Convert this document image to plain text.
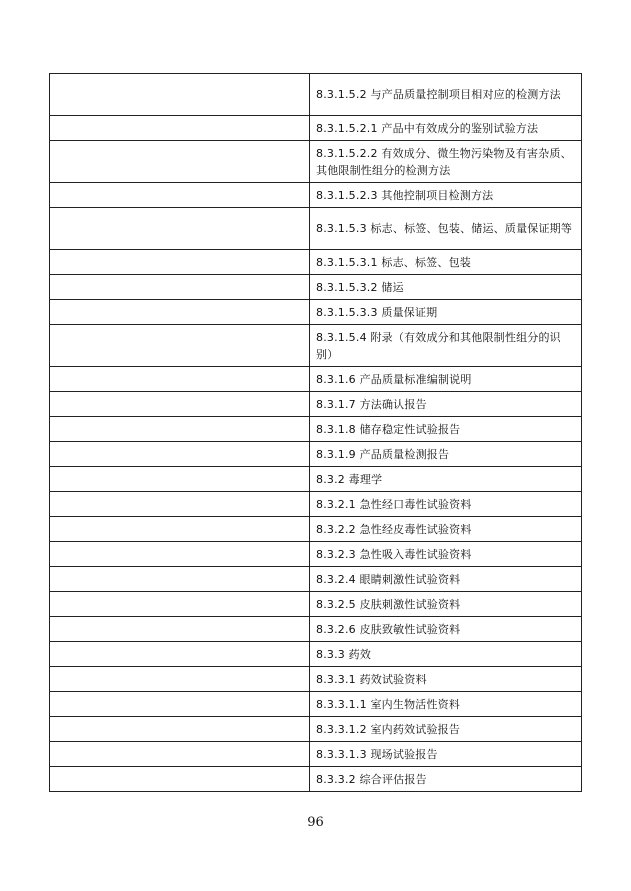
	8.3.1.5.2 与产品质量控制项目相对应的检测方法
	8.3.1.5.2.1 产品中有效成分的鉴别试验方法
	8.3.1.5.2.2 有效成分、微生物污染物及有害杂质、其他限制性组分的检测方法
	8.3.1.5.2.3 其他控制项目检测方法
	8.3.1.5.3 标志、标签、包装、储运、质量保证期等
	8.3.1.5.3.1 标志、标签、包装
	8.3.1.5.3.2 储运
	8.3.1.5.3.3 质量保证期
	8.3.1.5.4 附录（有效成分和其他限制性组分的识别）
	8.3.1.6 产品质量标准编制说明
	8.3.1.7 方法确认报告
	8.3.1.8 储存稳定性试验报告
	8.3.1.9 产品质量检测报告
	8.3.2 毒理学
	8.3.2.1 急性经口毒性试验资料
	8.3.2.2 急性经皮毒性试验资料
	8.3.2.3 急性吸入毒性试验资料
	8.3.2.4 眼睛刺激性试验资料
	8.3.2.5 皮肤刺激性试验资料
	8.3.2.6 皮肤致敏性试验资料
	8.3.3 药效
	8.3.3.1 药效试验资料
	8.3.3.1.1 室内生物活性资料
	8.3.3.1.2 室内药效试验报告
	8.3.3.1.3 现场试验报告
	8.3.3.2 综合评估报告
96
